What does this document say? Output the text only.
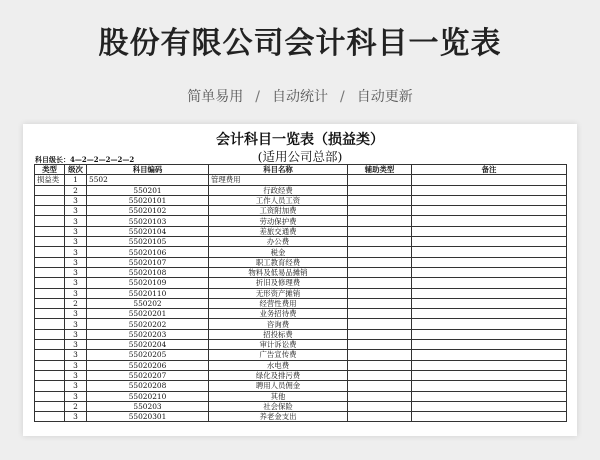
股份有限公司会计科目一览表
简单易用 / 自动统计 / 自动更新
会计科目一览表（损益类）
(适用公司总部)
科目级长：4—2—2—2—2—2
类型	级次	科目编码	科目名称	辅助类型	备注
损益类	1	5502	管理费用		
	2	550201	行政经费		
	3	55020101	工作人员工资		
	3	55020102	工资附加费		
	3	55020103	劳动保护费		
	3	55020104	差旅交通费		
	3	55020105	办公费		
	3	55020106	税金		
	3	55020107	职工教育经费		
	3	55020108	物料及低易品摊销		
	3	55020109	折旧及修理费		
	3	55020110	无形资产摊销		
	2	550202	经营性费用		
	3	55020201	业务招待费		
	3	55020202	咨询费		
	3	55020203	招投标费		
	3	55020204	审计诉讼费		
	3	55020205	广告宣传费		
	3	55020206	水电费		
	3	55020207	绿化及排污费		
	3	55020208	聘用人员佣金		
	3	55020210	其他		
	2	550203	社会保险		
	3	55020301	养老金支出		
